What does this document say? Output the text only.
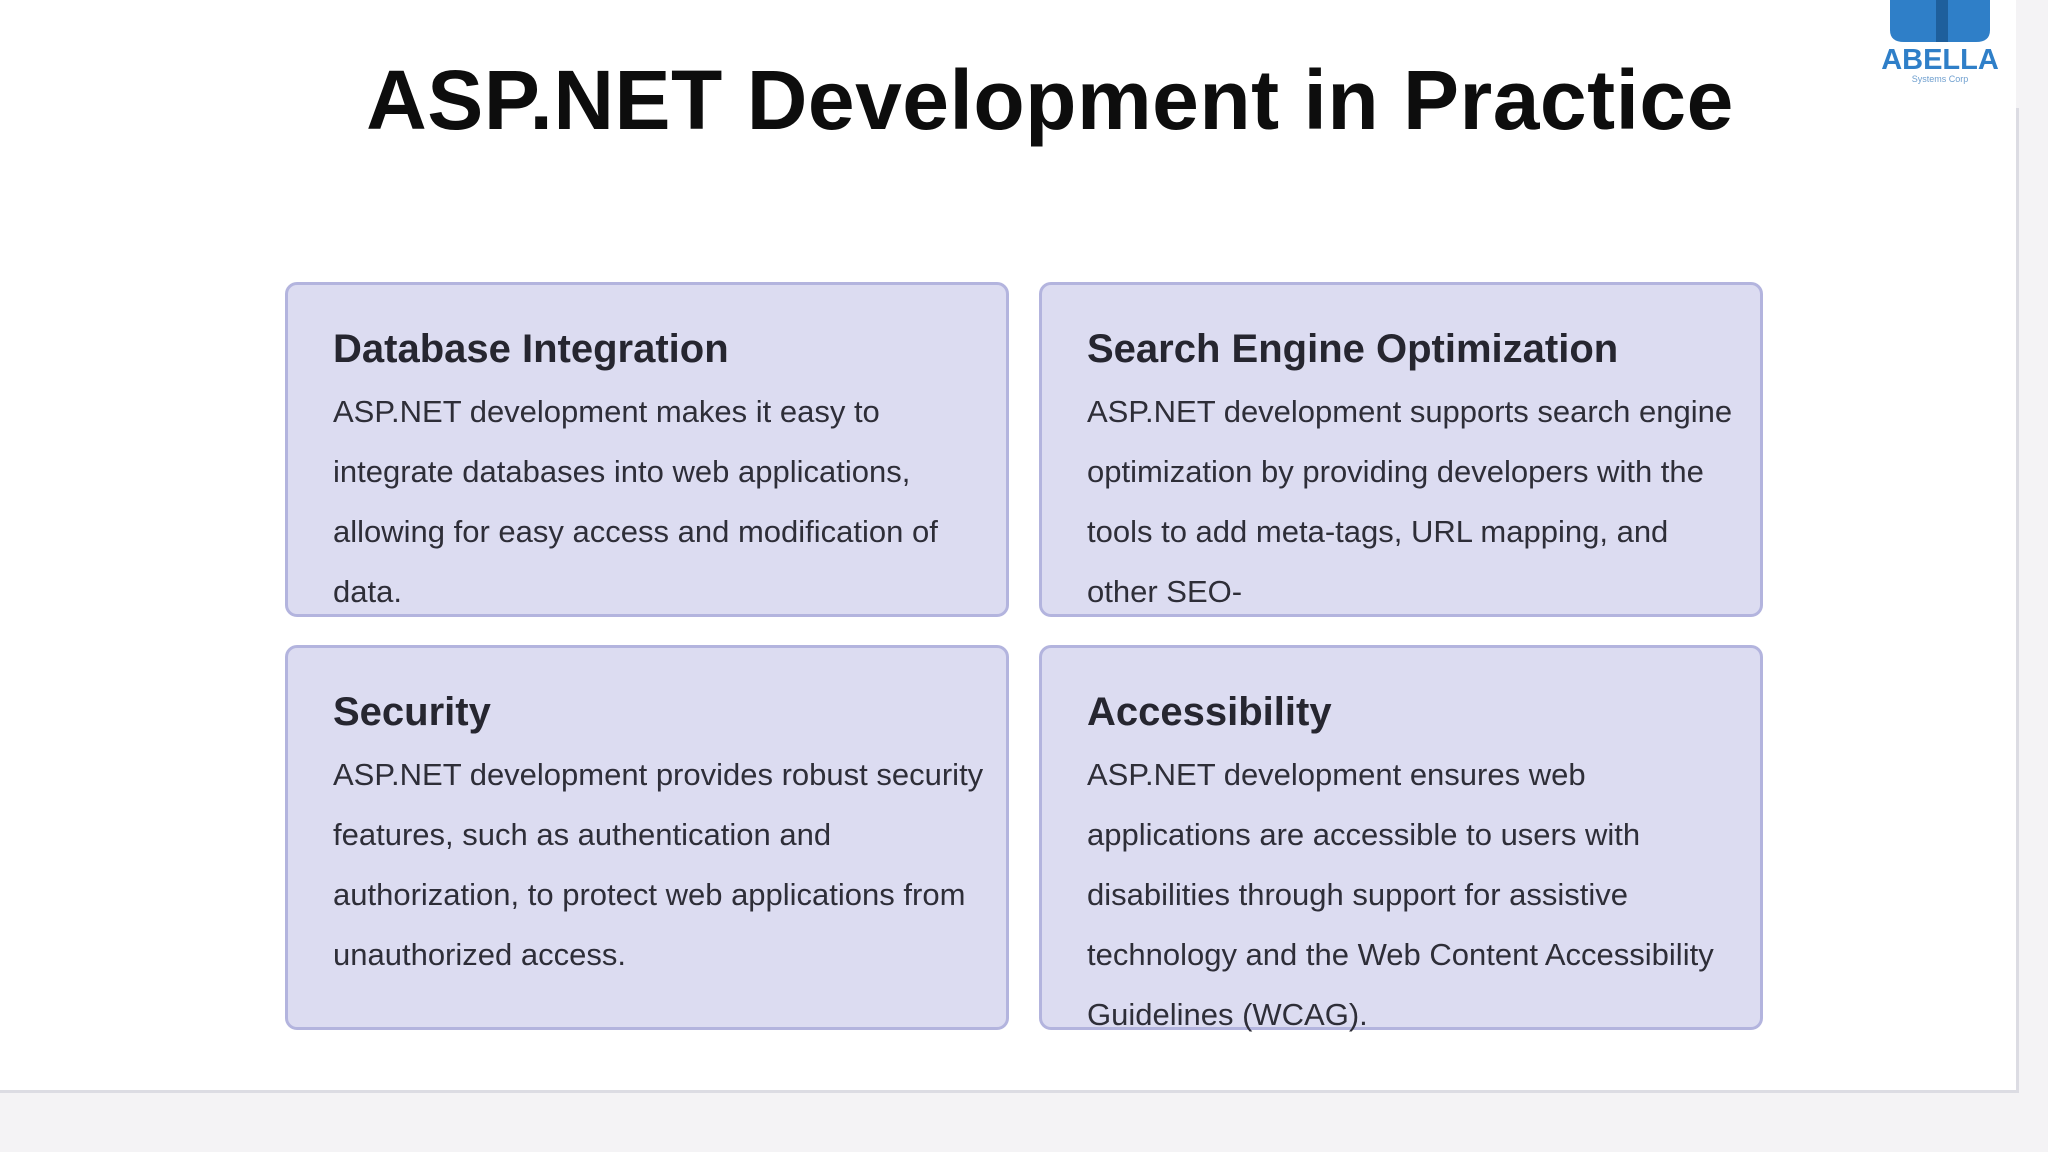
ASP.NET Development in Practice	ABELLA
Systems Corp
Database Integration

ASP.NET development makes it easy to integrate databases into web applications, allowing for easy access and modification of data.

Search Engine Optimization

ASP.NET development supports search engine optimization by providing developers with the tools to add meta-tags, URL mapping, and other SEO-

Security

ASP.NET development provides robust security features, such as authentication and authorization, to protect web applications from unauthorized access.

Accessibility

ASP.NET development ensures web applications are accessible to users with disabilities through support for assistive technology and the Web Content Accessibility Guidelines (WCAG).
